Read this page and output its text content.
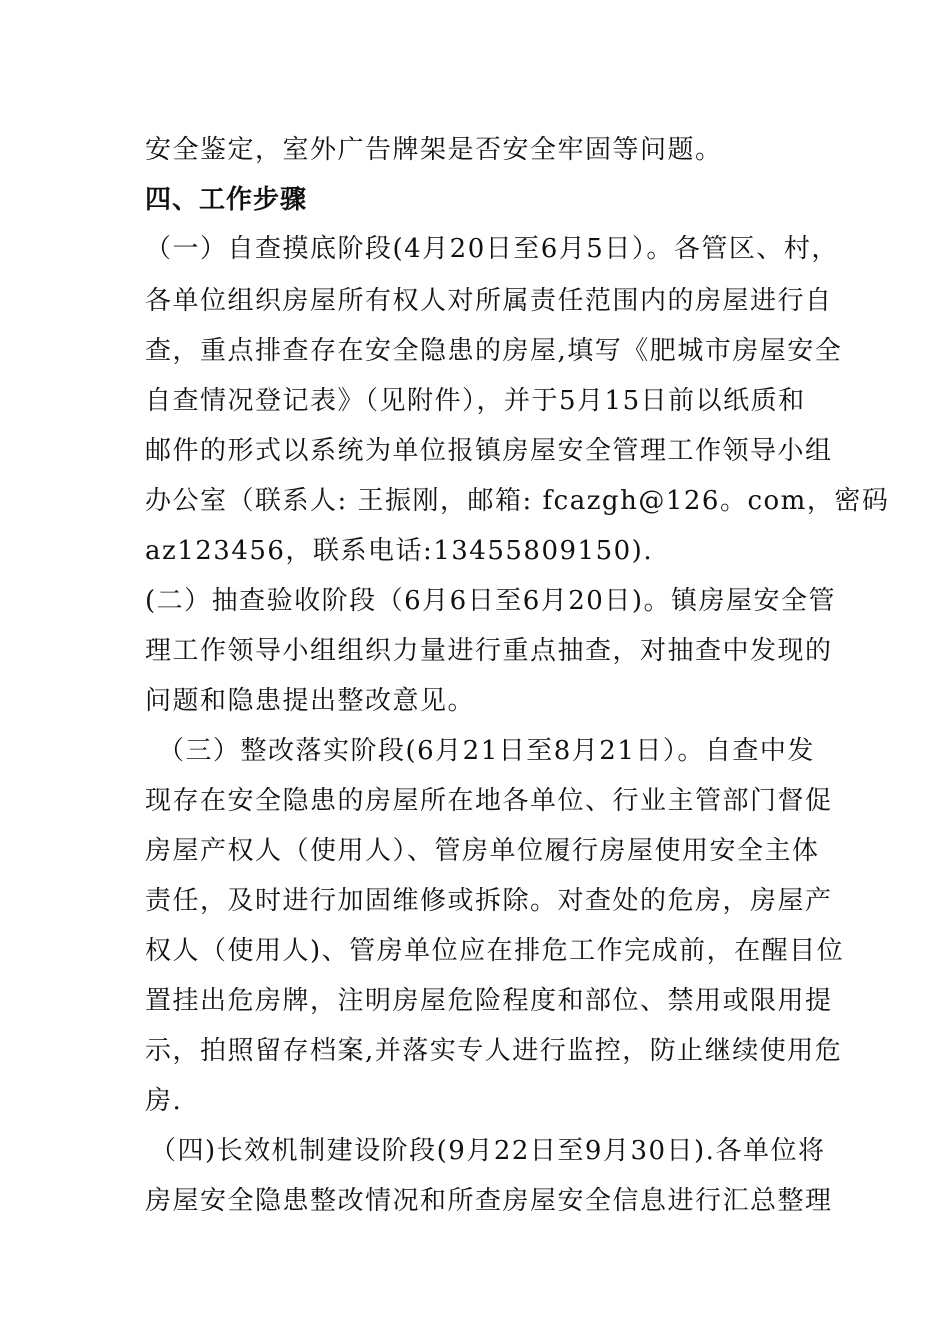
安全鉴定，室外广告牌架是否安全牢固等问题。
四、工作步骤
（一）自查摸底阶段(4月20日至6月5日）。各管区、村，
各单位组织房屋所有权人对所属责任范围内的房屋进行自
查，重点排查存在安全隐患的房屋,填写《肥城市房屋安全
自查情况登记表》（见附件），并于5月15日前以纸质和
邮件的形式以系统为单位报镇房屋安全管理工作领导小组
办公室（联系人: 王振刚，邮箱: fcazgh@126。com，密码
az123456，联系电话:13455809150).
(二）抽查验收阶段（6月6日至6月20日)。镇房屋安全管
理工作领导小组组织力量进行重点抽查，对抽查中发现的
问题和隐患提出整改意见。
（三）整改落实阶段(6月21日至8月21日）。自查中发
现存在安全隐患的房屋所在地各单位、行业主管部门督促
房屋产权人（使用人）、管房单位履行房屋使用安全主体
责任，及时进行加固维修或拆除。对查处的危房，房屋产
权人（使用人)、管房单位应在排危工作完成前，在醒目位
置挂出危房牌，注明房屋危险程度和部位、禁用或限用提
示，拍照留存档案,并落实专人进行监控，防止继续使用危
房.
（四)长效机制建设阶段(9月22日至9月30日).各单位将
房屋安全隐患整改情况和所查房屋安全信息进行汇总整理
